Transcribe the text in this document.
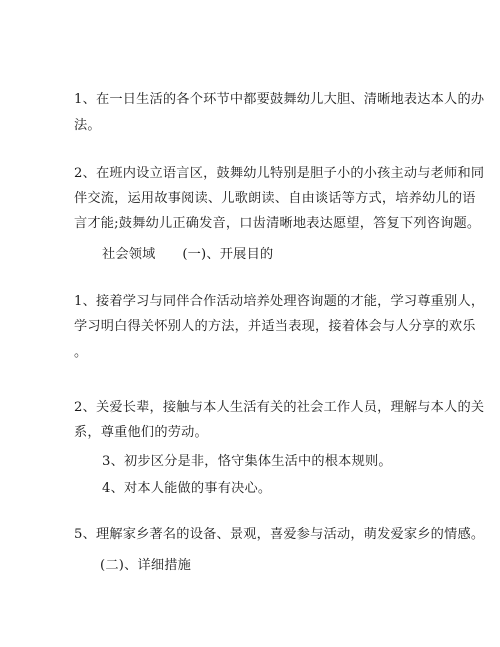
1、在一日生活的各个环节中都要鼓舞幼儿大胆、清晰地表达本人的办

法。

2、在班内设立语言区，鼓舞幼儿特别是胆子小的小孩主动与老师和同

伴交流，运用故事阅读、儿歌朗读、自由谈话等方式，培养幼儿的语

言才能;鼓舞幼儿正确发音，口齿清晰地表达愿望，答复下列咨询题。

社会领域　　(一)、开展目的

1、接着学习与同伴合作活动培养处理咨询题的才能，学习尊重别人，

学习明白得关怀别人的方法，并适当表现，接着体会与人分享的欢乐

。

2、关爱长辈，接触与本人生活有关的社会工作人员，理解与本人的关

系，尊重他们的劳动。

3、初步区分是非，恪守集体生活中的根本规则。

4、对本人能做的事有决心。

5、理解家乡著名的设备、景观，喜爱参与活动，萌发爱家乡的情感。

(二)、详细措施
